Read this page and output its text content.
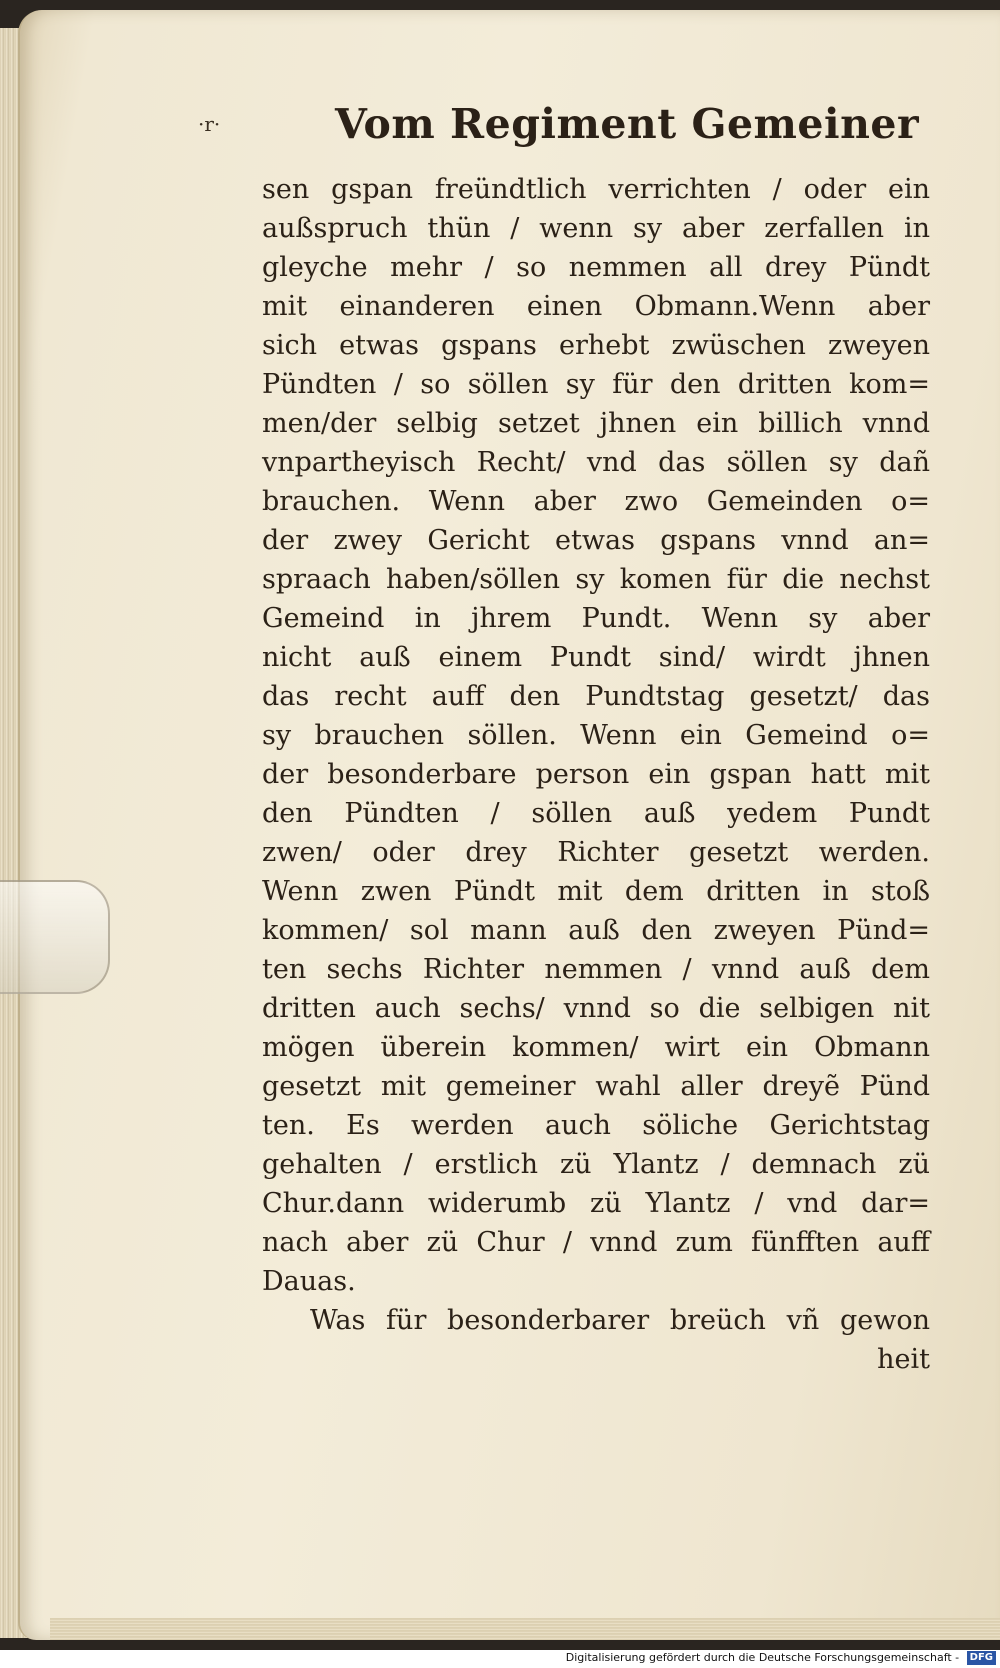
·r·	Vom Regiment Gemeiner
sen gspan freündtlich verrichten / oder ein
außspruch thün / wenn sy aber zerfallen in
gleyche mehr / so nemmen all drey Pündt
mit einanderen einen Obmann.Wenn aber
sich etwas gspans erhebt zwüschen zweyen
Pündten / so söllen sy für den dritten kom=
men/der selbig setzet jhnen ein billich vnnd
vnpartheyisch Recht/ vnd das söllen sy dañ
brauchen. Wenn aber zwo Gemeinden o=
der zwey Gericht etwas gspans vnnd an=
spraach haben/söllen sy komen für die nechst
Gemeind in jhrem Pundt. Wenn sy aber
nicht auß einem Pundt sind/ wirdt jhnen
das recht auff den Pundtstag gesetzt/ das
sy brauchen söllen. Wenn ein Gemeind o=
der besonderbare person ein gspan hatt mit
den Pündten / söllen auß yedem Pundt
zwen/ oder drey Richter gesetzt werden.
Wenn zwen Pündt mit dem dritten in stoß
kommen/ sol mann auß den zweyen Pünd=
ten sechs Richter nemmen / vnnd auß dem
dritten auch sechs/ vnnd so die selbigen nit
mögen überein kommen/ wirt ein Obmann
gesetzt mit gemeiner wahl aller dreyẽ Pünd
ten. Es werden auch söliche Gerichtstag
gehalten / erstlich zü Ylantz / demnach zü
Chur.dann widerumb zü Ylantz / vnd dar=
nach aber zü Chur / vnnd zum fünfften auff
Dauas.
Was für besonderbarer breüch vñ gewon
heit
Digitalisierung gefördert durch die Deutsche Forschungsgemeinschaft - DFG
